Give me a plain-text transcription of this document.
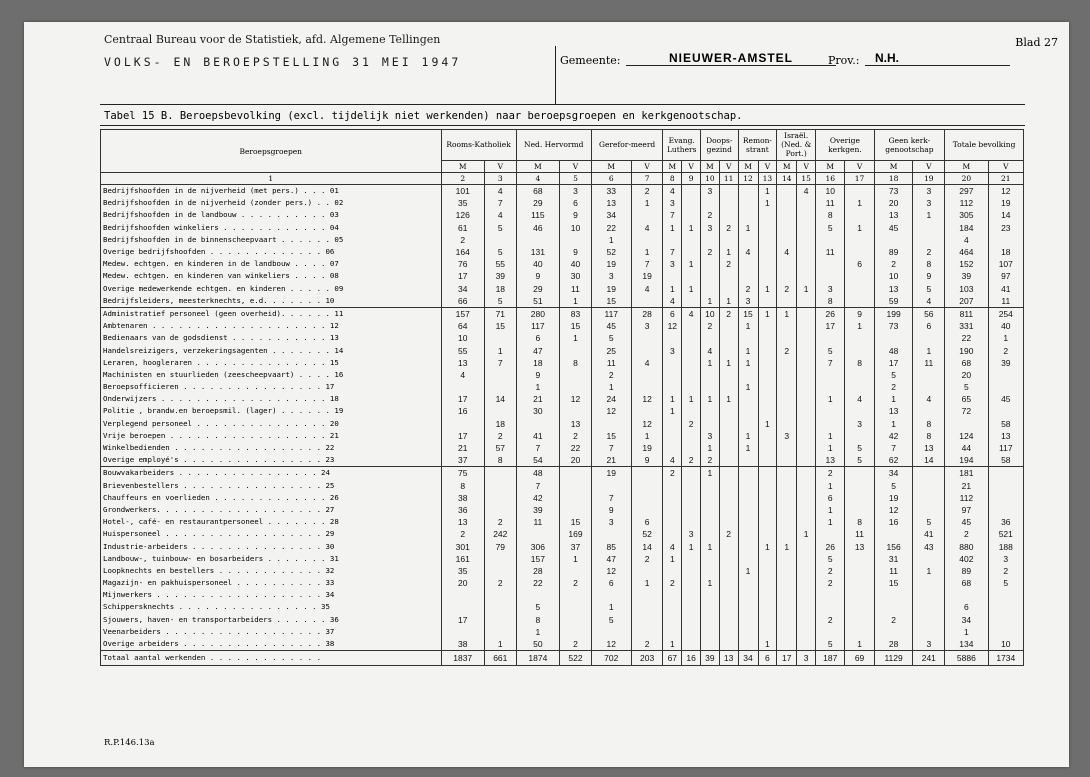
Centraal Bureau voor de Statistiek, afd. Algemene Tellingen
VOLKS- EN BEROEPSTELLING 31 MEI 1947
Blad 27
Gemeente:	NIEUWER-AMSTEL	Prov.:	N.H.
Tabel 15 B. Beroepsbevolking (excl. tijdelijk niet werkenden) naar beroepsgroepen en kerkgenootschap.
Beroepsgroepen	Rooms-Katholiek		Ned. Hervormd		Gerefor-meerd		Evang. Luthers		Doops-gezind		Remon-strant		Israël. (Ned. & Port.)		Overige kerkgen.		Geen kerk-genootschap		Totale bevolking	
	M	V	M	V	M	V	M	V	M	V	M	V	M	V	M	V	M	V	M	V
1	2	3	4	5	6	7	8	9	10	11	12	13	14	15	16	17	18	19	20	21
Bedrijfshoofden in de nijverheid (met pers.) . . . 01	101	4	68	3	33	2	4		3			1		4	10		73	3	297	12
Bedrijfshoofden in de nijverheid (zonder pers.) . . 02	35	7	29	6	13	1	3					1			11	1	20	3	112	19
Bedrijfshoofden in de landbouw . . . . . . . . . . 03	126	4	115	9	34		7		2						8		13	1	305	14
Bedrijfshoofden winkeliers . . . . . . . . . . . . 04	61	5	46	10	22	4	1	1	3	2	1				5	1	45		184	23
Bedrijfshoofden in de binnenscheepvaart . . . . . . 05	2				1														4	
Overige bedrijfshoofden . . . . . . . . . . . . . 06	164	5	131	9	52	1	7		2	1	4		4		11		89	2	464	18
Medew. echtgen. en kinderen in de landbouw . . . . 07	76	55	40	40	19	7	3	1		2						6	2	8	152	107
Medew. echtgen. en kinderen van winkeliers . . . . 08	17	39	9	30	3	19											10	9	39	97
Overige medewerkende echtgen. en kinderen . . . . . 09	34	18	29	11	19	4	1	1			2	1	2	1	3		13	5	103	41
Bedrijfsleiders, meesterknechts, e.d. . . . . . . 10	66	5	51	1	15		4		1	1	3				8		59	4	207	11
Administratief personeel (geen overheid). . . . . . 11	157	71	280	83	117	28	6	4	10	2	15	1	1		26	9	199	56	811	254
Ambtenaren . . . . . . . . . . . . . . . . . . . . 12	64	15	117	15	45	3	12		2		1				17	1	73	6	331	40
Bedienaars van de godsdienst . . . . . . . . . . . 13	10		6	1	5														22	1
Handelsreizigers, verzekeringsagenten . . . . . . . 14	55	1	47		25		3		4		1		2		5		48	1	190	2
Leraren, hoogleraren . . . . . . . . . . . . . . . 15	13	7	18	8	11	4			1	1	1				7	8	17	11	68	39
Machinisten en stuurlieden (zeescheepvaart) . . . . 16	4		9		2												5		20	
Beroepsofficieren . . . . . . . . . . . . . . . . 17			1		1						1						2		5	
Onderwijzers . . . . . . . . . . . . . . . . . . . 18	17	14	21	12	24	12	1	1	1	1					1	4	1	4	65	45
Politie , brandw.en beroepsmil. (lager) . . . . . . 19	16		30		12		1										13		72	
Verplegend personeel . . . . . . . . . . . . . . . 20		18		13		12		2				1				3	1	8		58
Vrije beroepen . . . . . . . . . . . . . . . . . . 21	17	2	41	2	15	1			3		1		3		1		42	8	124	13
Winkelbedienden . . . . . . . . . . . . . . . . . 22	21	57	7	22	7	19			1		1				1	5	7	13	44	117
Overige employé's . . . . . . . . . . . . . . . . 23	37	8	54	20	21	9	4	2	2						13	5	62	14	194	58
Bouwvakarbeiders . . . . . . . . . . . . . . . . 24	75		48		19		2		1						2		34		181	
Brievenbestellers . . . . . . . . . . . . . . . . 25	8		7												1		5		21	
Chauffeurs en voerlieden . . . . . . . . . . . . . 26	38		42		7										6		19		112	
Grondwerkers. . . . . . . . . . . . . . . . . . . 27	36		39		9										1		12		97	
Hotel-, café- en restaurantpersoneel . . . . . . . 28	13	2	11	15	3	6									1	8	16	5	45	36
Huispersoneel . . . . . . . . . . . . . . . . . . 29	2	242		169		52		3		2				1		11		41	2	521
Industrie-arbeiders . . . . . . . . . . . . . . . 30	301	79	306	37	85	14	4	1	1			1	1		26	13	156	43	880	188
Landbouw-, tuinbouw- en bosarbeiders . . . . . . . 31	161		157	1	47	2	1								5		31		402	3
Loopknechts en bestellers . . . . . . . . . . . . 32	35		28		12						1				2		11	1	89	2
Magazijn- en pakhuispersoneel . . . . . . . . . . 33	20	2	22	2	6	1	2		1						2		15		68	5
Mijnwerkers . . . . . . . . . . . . . . . . . . . 34																				
Schippersknechts . . . . . . . . . . . . . . . . 35			5		1														6	
Sjouwers, haven- en transportarbeiders . . . . . . 36	17		8		5										2		2		34	
Veenarbeiders . . . . . . . . . . . . . . . . . . 37			1																1	
Overige arbeiders . . . . . . . . . . . . . . . . 38	38	1	50	2	12	2	1					1			5	1	28	3	134	10
Totaal aantal werkenden . . . . . . . . . . . . .	1837	661	1874	522	702	203	67	16	39	13	34	6	17	3	187	69	1129	241	5886	1734
R.P.146.13a
